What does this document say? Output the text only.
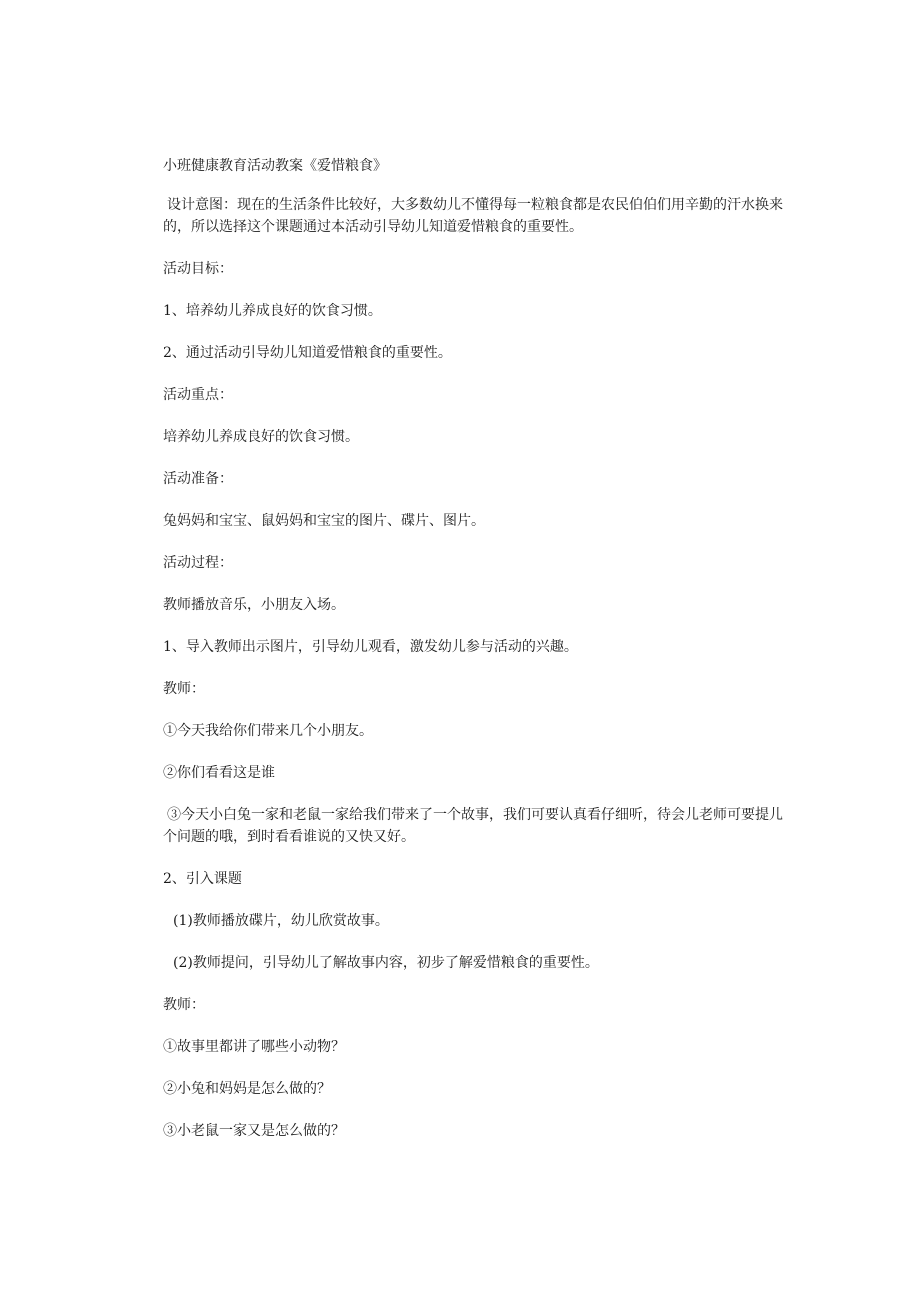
小班健康教育活动教案《爱惜粮食》

设计意图：现在的生活条件比较好，大多数幼儿不懂得每一粒粮食都是农民伯伯们用辛勤的汗水换来的，所以选择这个课题通过本活动引导幼儿知道爱惜粮食的重要性。

活动目标：

1、培养幼儿养成良好的饮食习惯。

2、通过活动引导幼儿知道爱惜粮食的重要性。

活动重点：

培养幼儿养成良好的饮食习惯。

活动准备：

兔妈妈和宝宝、鼠妈妈和宝宝的图片、碟片、图片。

活动过程：

教师播放音乐，小朋友入场。

1、导入教师出示图片，引导幼儿观看，激发幼儿参与活动的兴趣。

教师：

①今天我给你们带来几个小朋友。

②你们看看这是谁

③今天小白兔一家和老鼠一家给我们带来了一个故事，我们可要认真看仔细听，待会儿老师可要提儿个问题的哦，到时看看谁说的又快又好。

2、引入课题

(1)教师播放碟片，幼儿欣赏故事。

(2)教师提问，引导幼儿了解故事内容，初步了解爱惜粮食的重要性。

教师：

①故事里都讲了哪些小动物？

②小兔和妈妈是怎么做的？

③小老鼠一家又是怎么做的？
